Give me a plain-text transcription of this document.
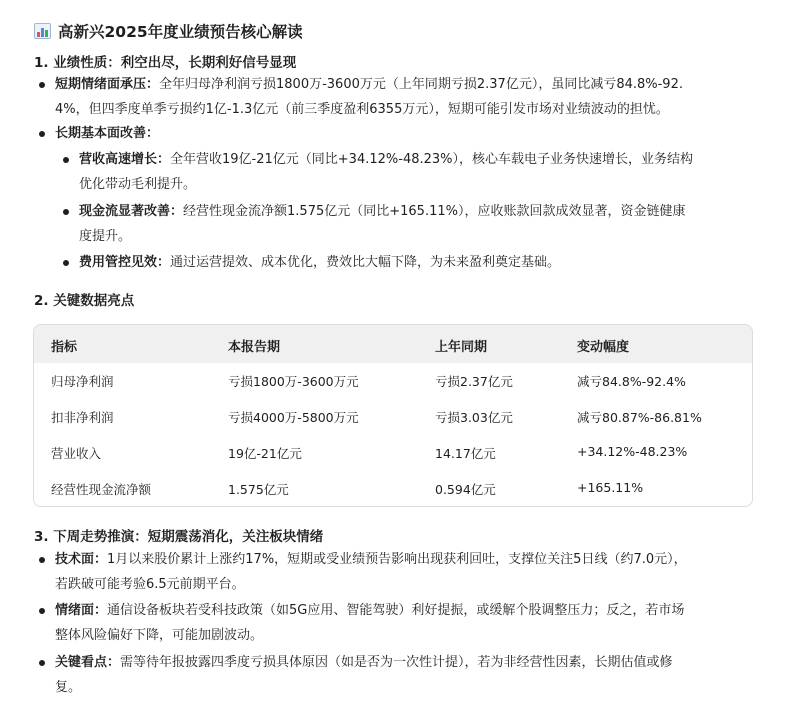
高新兴2025年度业绩预告核心解读
1. 业绩性质：利空出尽，长期利好信号显现
短期情绪面承压：全年归母净利润亏损1800万-3600万元（上年同期亏损2.37亿元），虽同比减亏84.8%-92.
4%，但四季度单季亏损约1亿-1.3亿元（前三季度盈利6355万元），短期可能引发市场对业绩波动的担忧。
长期基本面改善：
营收高速增长：全年营收19亿-21亿元（同比+34.12%-48.23%），核心车载电子业务快速增长，业务结构
优化带动毛利提升。
现金流显著改善：经营性现金流净额1.575亿元（同比+165.11%），应收账款回款成效显著，资金链健康
度提升。
费用管控见效：通过运营提效、成本优化，费效比大幅下降，为未来盈利奠定基础。
2. 关键数据亮点
指标	本报告期	上年同期	变动幅度
归母净利润	亏损1800万-3600万元	亏损2.37亿元	减亏84.8%-92.4%
扣非净利润	亏损4000万-5800万元	亏损3.03亿元	减亏80.87%-86.81%
营业收入	19亿-21亿元	14.17亿元	+34.12%-48.23%
经营性现金流净额	1.575亿元	0.594亿元	+165.11%
3. 下周走势推演：短期震荡消化，关注板块情绪
技术面：1月以来股价累计上涨约17%，短期或受业绩预告影响出现获利回吐，支撑位关注5日线（约7.0元），
若跌破可能考验6.5元前期平台。
情绪面：通信设备板块若受科技政策（如5G应用、智能驾驶）利好提振，或缓解个股调整压力；反之，若市场
整体风险偏好下降，可能加剧波动。
关键看点：需等待年报披露四季度亏损具体原因（如是否为一次性计提），若为非经营性因素，长期估值或修
复。
